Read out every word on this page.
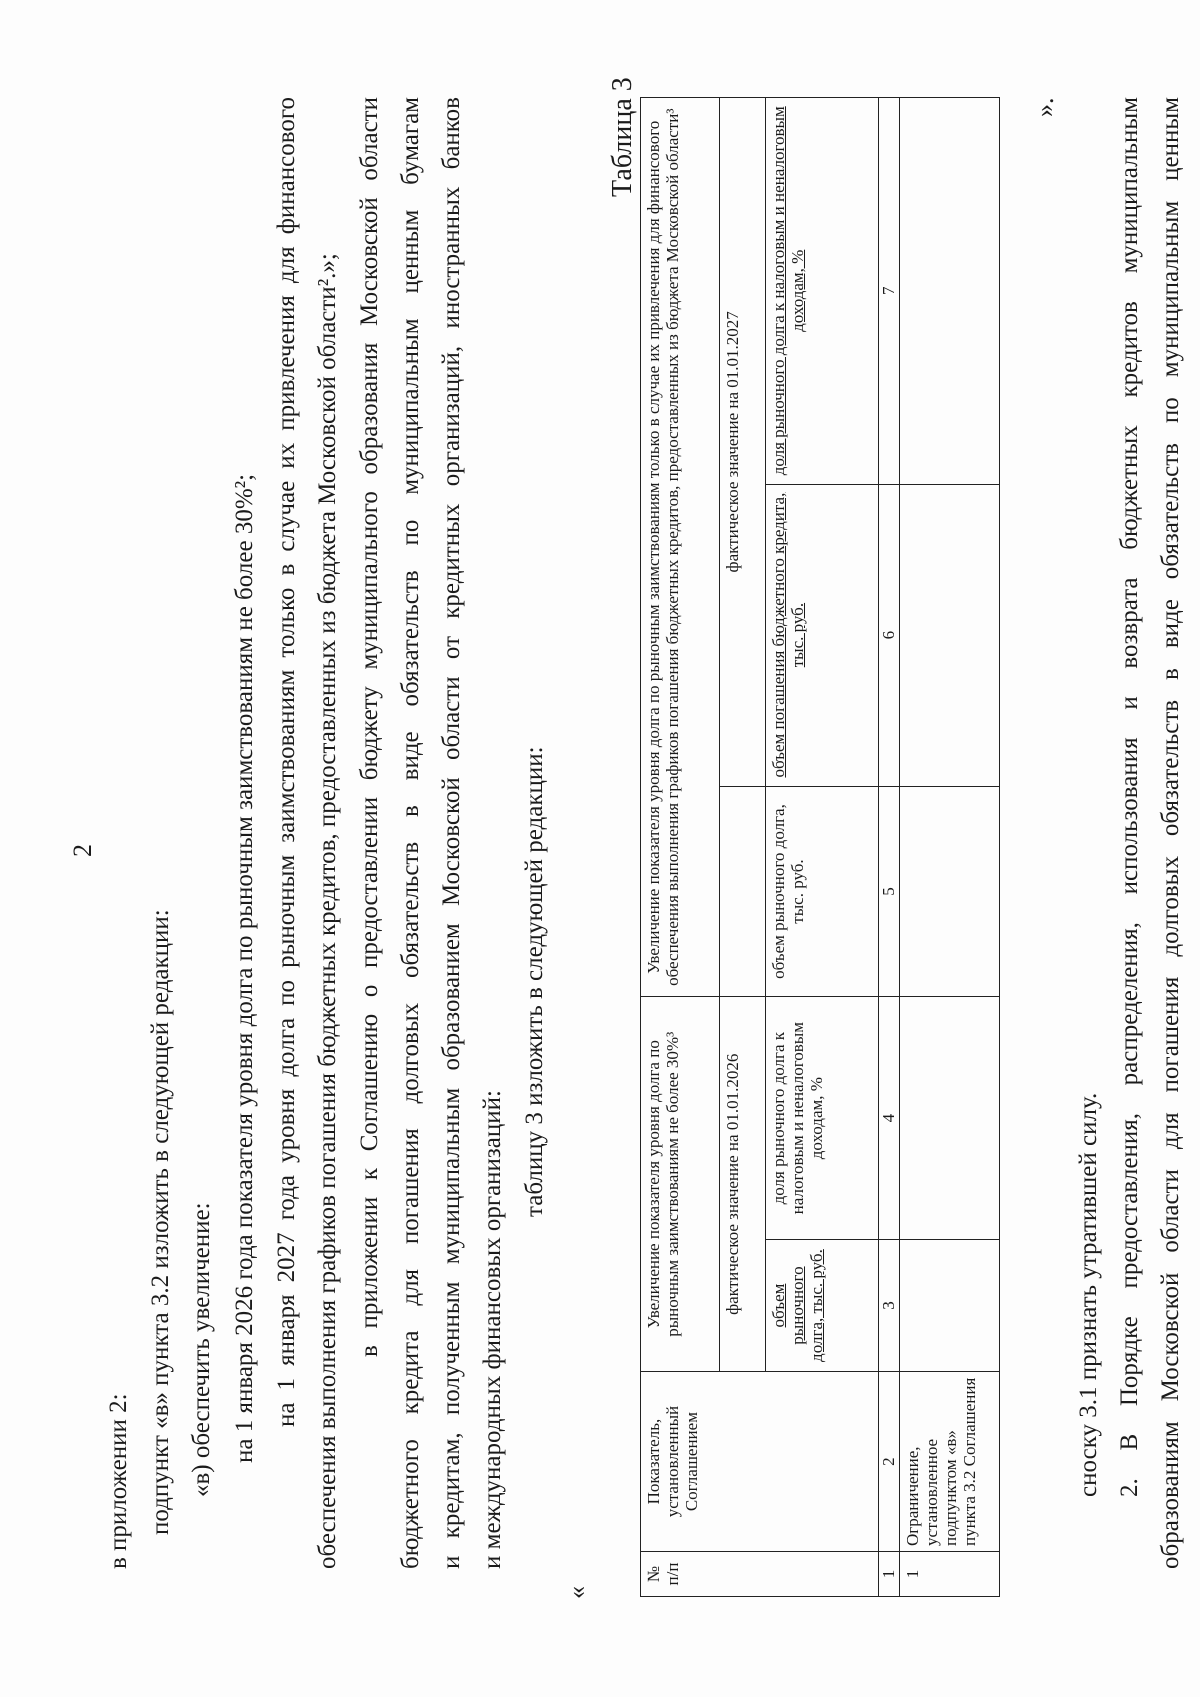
2
в приложении 2: подпункт «в» пункта 3.2 изложить в следующей редакции: «в) обеспечить увеличение: на 1 января 2026 года показателя уровня долга по рыночным заимствованиям не более 30%²; на 1 января 2027 года уровня долга по рыночным заимствованиям только в случае их привлечения для финансового обеспечения выполнения графиков погашения бюджетных кредитов, предоставленных из бюджета Московской области².»; в приложении к Соглашению о предоставлении бюджету муниципального образования Московской области бюджетного кредита для погашения долговых обязательств в виде обязательств по муниципальным ценным бумагам и кредитам, полученным муниципальным образованием Московской области от кредитных организаций, иностранных банков и международных финансовых организаций:
таблицу 3 изложить в следующей редакции:
«
Таблица 3
№ п/п	Показатель, установленный Соглашением	Увеличение показателя уровня долга по рыночным заимствованиям не более 30%³		Увеличение показателя уровня долга по рыночным заимствованиям только в случае их привлечения для финансового обеспечения выполнения графиков погашения бюджетных кредитов, предоставленных из бюджета Московской области³		
		фактическое значение на 01.01.2026			фактическое значение на 01.01.2027	
		объем рыночного долга, тыс. руб.	доля рыночного долга к налоговым и неналоговым доходам, %	объем рыночного долга, тыс. руб.	объем погашения бюджетного кредита, тыс. руб.	доля рыночного долга к налоговым и неналоговым доходам, %
1	2	3	4	5	6	7
1	Ограничение, установленное подпунктом «в» пункта 3.2 Соглашения					
».
сноску 3.1 признать утратившей силу. 2. В Порядке предоставления, распределения, использования и возврата бюджетных кредитов муниципальным образованиям Московской области для погашения долговых обязательств в виде обязательств по муниципальным ценным
